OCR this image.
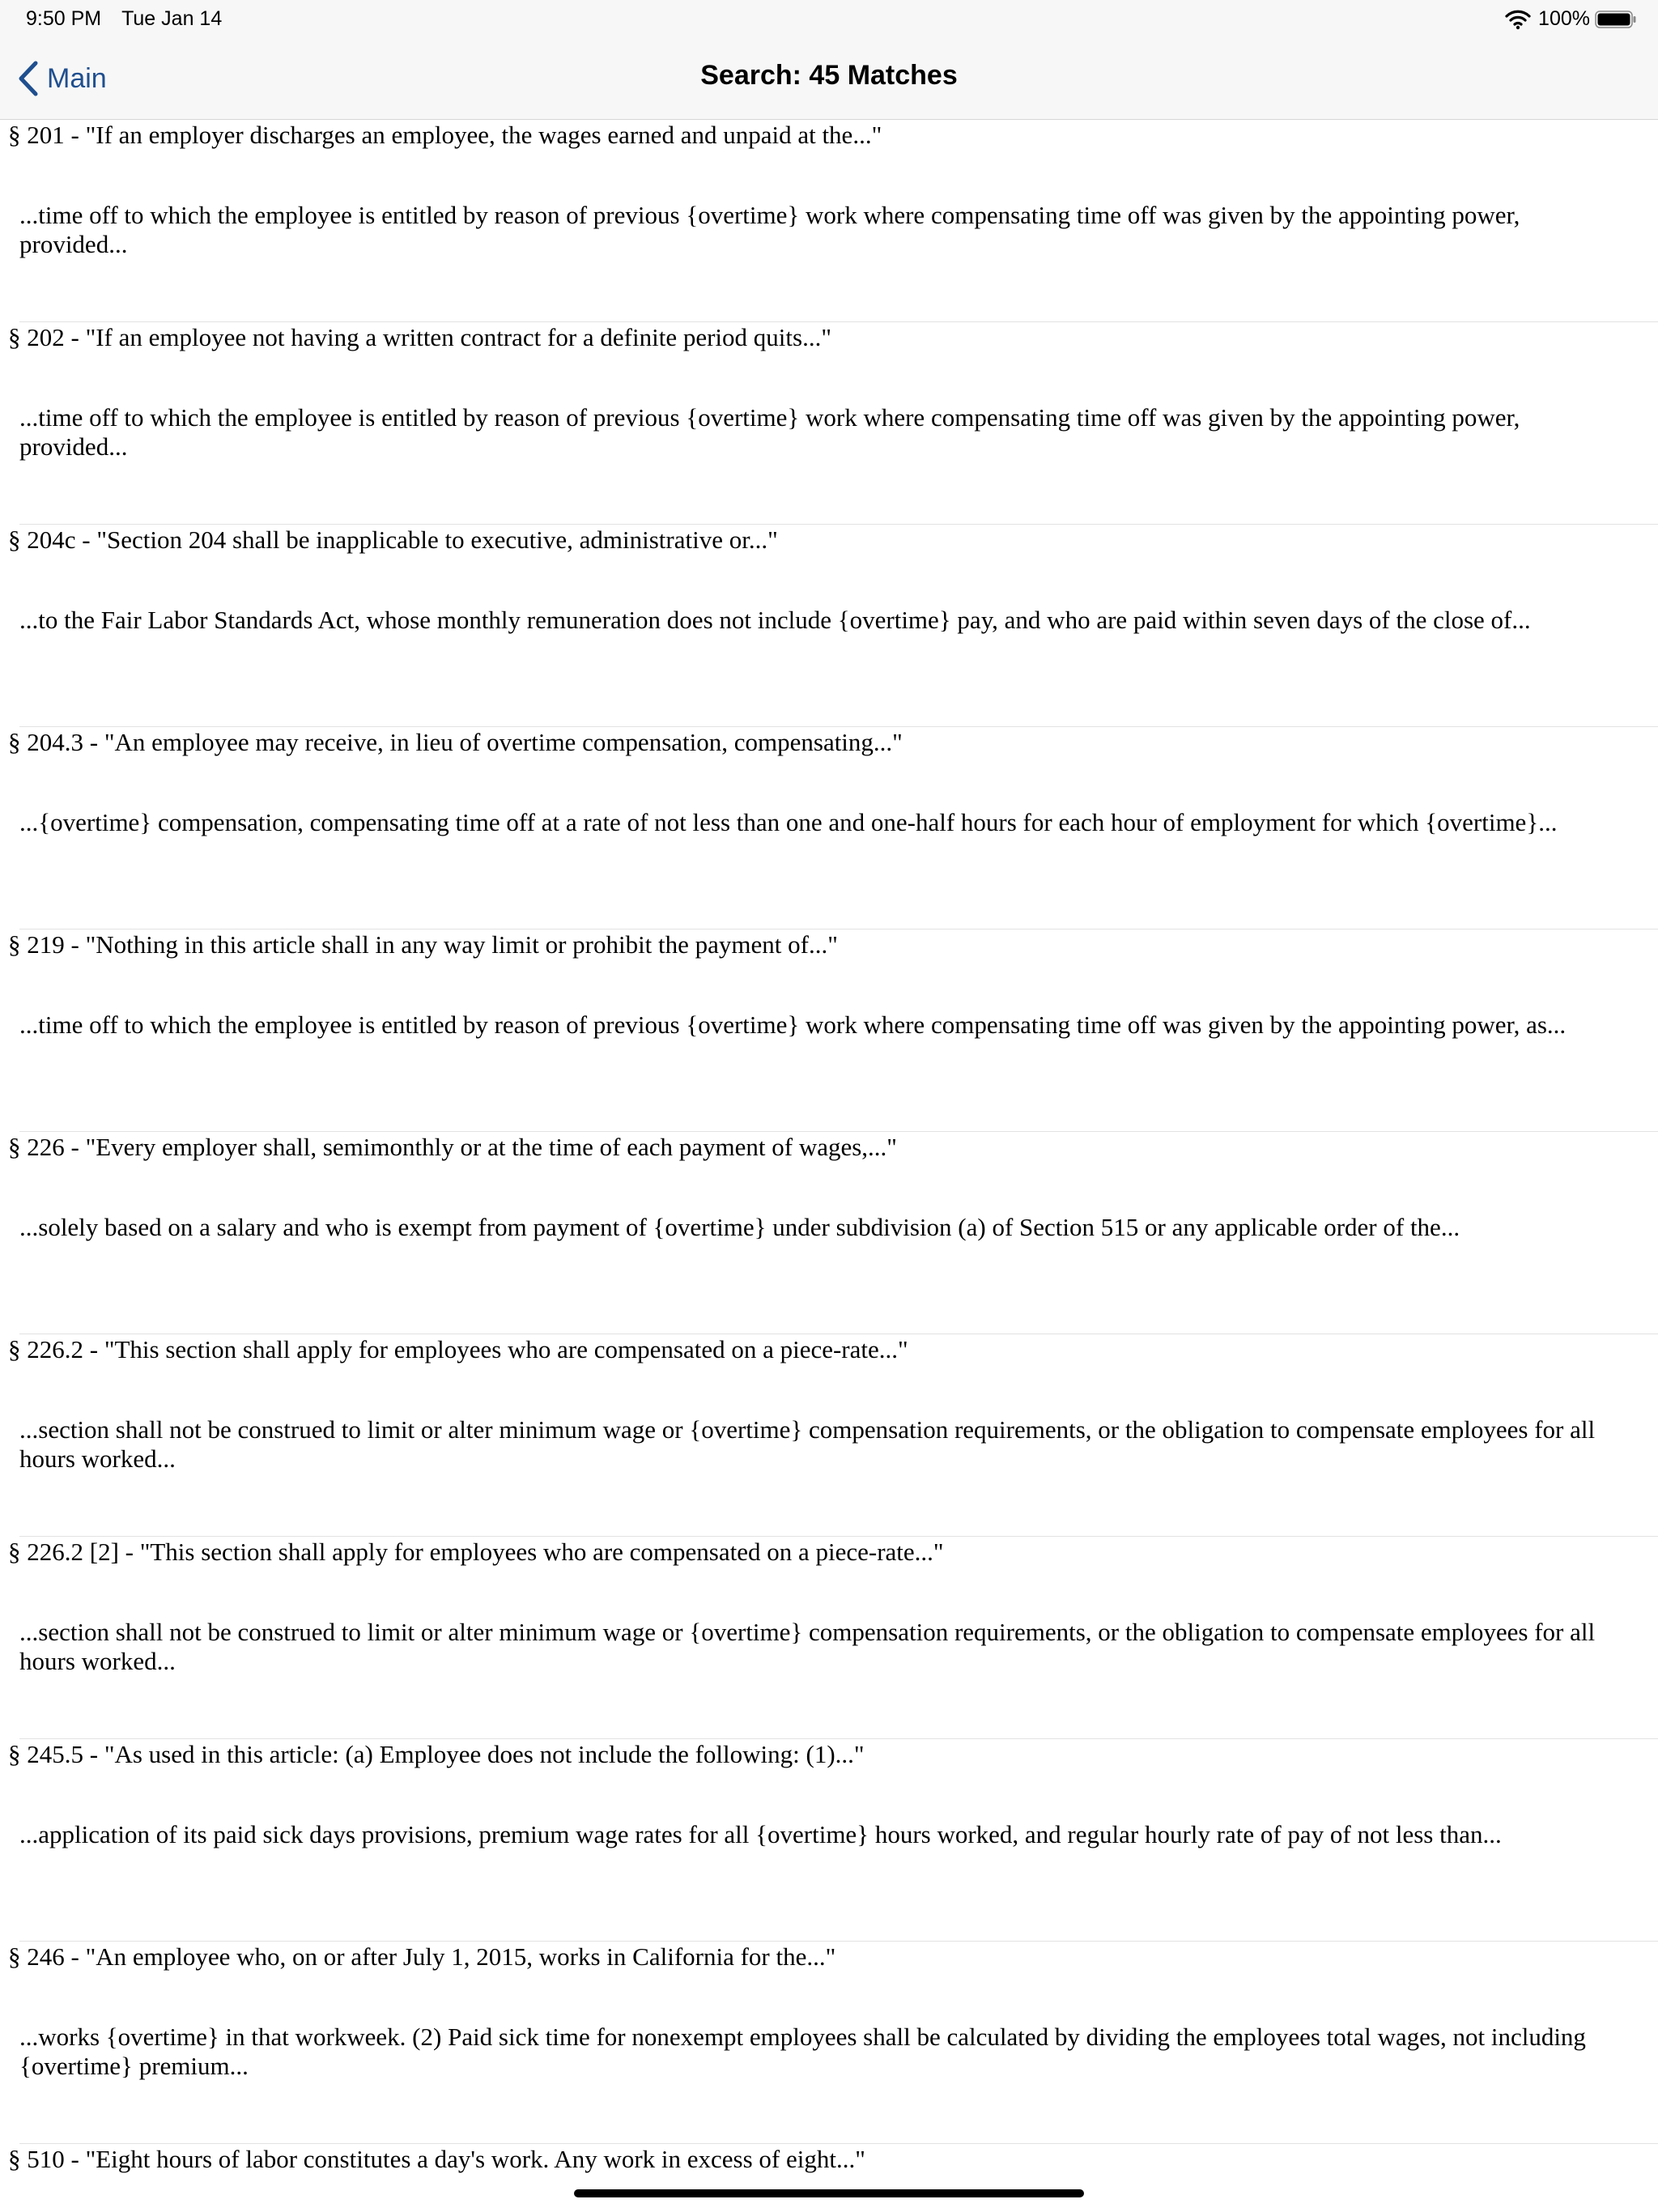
9:50 PM Tue Jan 14	100%
Main	Search: 45 Matches
§ 201 - "If an employer discharges an employee, the wages earned and unpaid at the..."
...time off to which the employee is entitled by reason of previous {overtime} work where compensating time off was given by the appointing power, provided...
§ 202 - "If an employee not having a written contract for a definite period quits..."
...time off to which the employee is entitled by reason of previous {overtime} work where compensating time off was given by the appointing power, provided...
§ 204c - "Section 204 shall be inapplicable to executive, administrative or..."
...to the Fair Labor Standards Act, whose monthly remuneration does not include {overtime} pay, and who are paid within seven days of the close of...
§ 204.3 - "An employee may receive, in lieu of overtime compensation, compensating..."
...{overtime} compensation, compensating time off at a rate of not less than one and one-half hours for each hour of employment for which {overtime}...
§ 219 - "Nothing in this article shall in any way limit or prohibit the payment of..."
...time off to which the employee is entitled by reason of previous {overtime} work where compensating time off was given by the appointing power, as...
§ 226 - "Every employer shall, semimonthly or at the time of each payment of wages,..."
...solely based on a salary and who is exempt from payment of {overtime} under subdivision (a) of Section 515 or any applicable order of the...
§ 226.2 - "This section shall apply for employees who are compensated on a piece-rate..."
...section shall not be construed to limit or alter minimum wage or {overtime} compensation requirements, or the obligation to compensate employees for all hours worked...
§ 226.2 [2] - "This section shall apply for employees who are compensated on a piece-rate..."
...section shall not be construed to limit or alter minimum wage or {overtime} compensation requirements, or the obligation to compensate employees for all hours worked...
§ 245.5 - "As used in this article: (a) Employee does not include the following: (1)..."
...application of its paid sick days provisions, premium wage rates for all {overtime} hours worked, and regular hourly rate of pay of not less than...
§ 246 - "An employee who, on or after July 1, 2015, works in California for the..."
...works {overtime} in that workweek. (2) Paid sick time for nonexempt employees shall be calculated by dividing the employees total wages, not including {overtime} premium...
§ 510 - "Eight hours of labor constitutes a day's work. Any work in excess of eight..."
